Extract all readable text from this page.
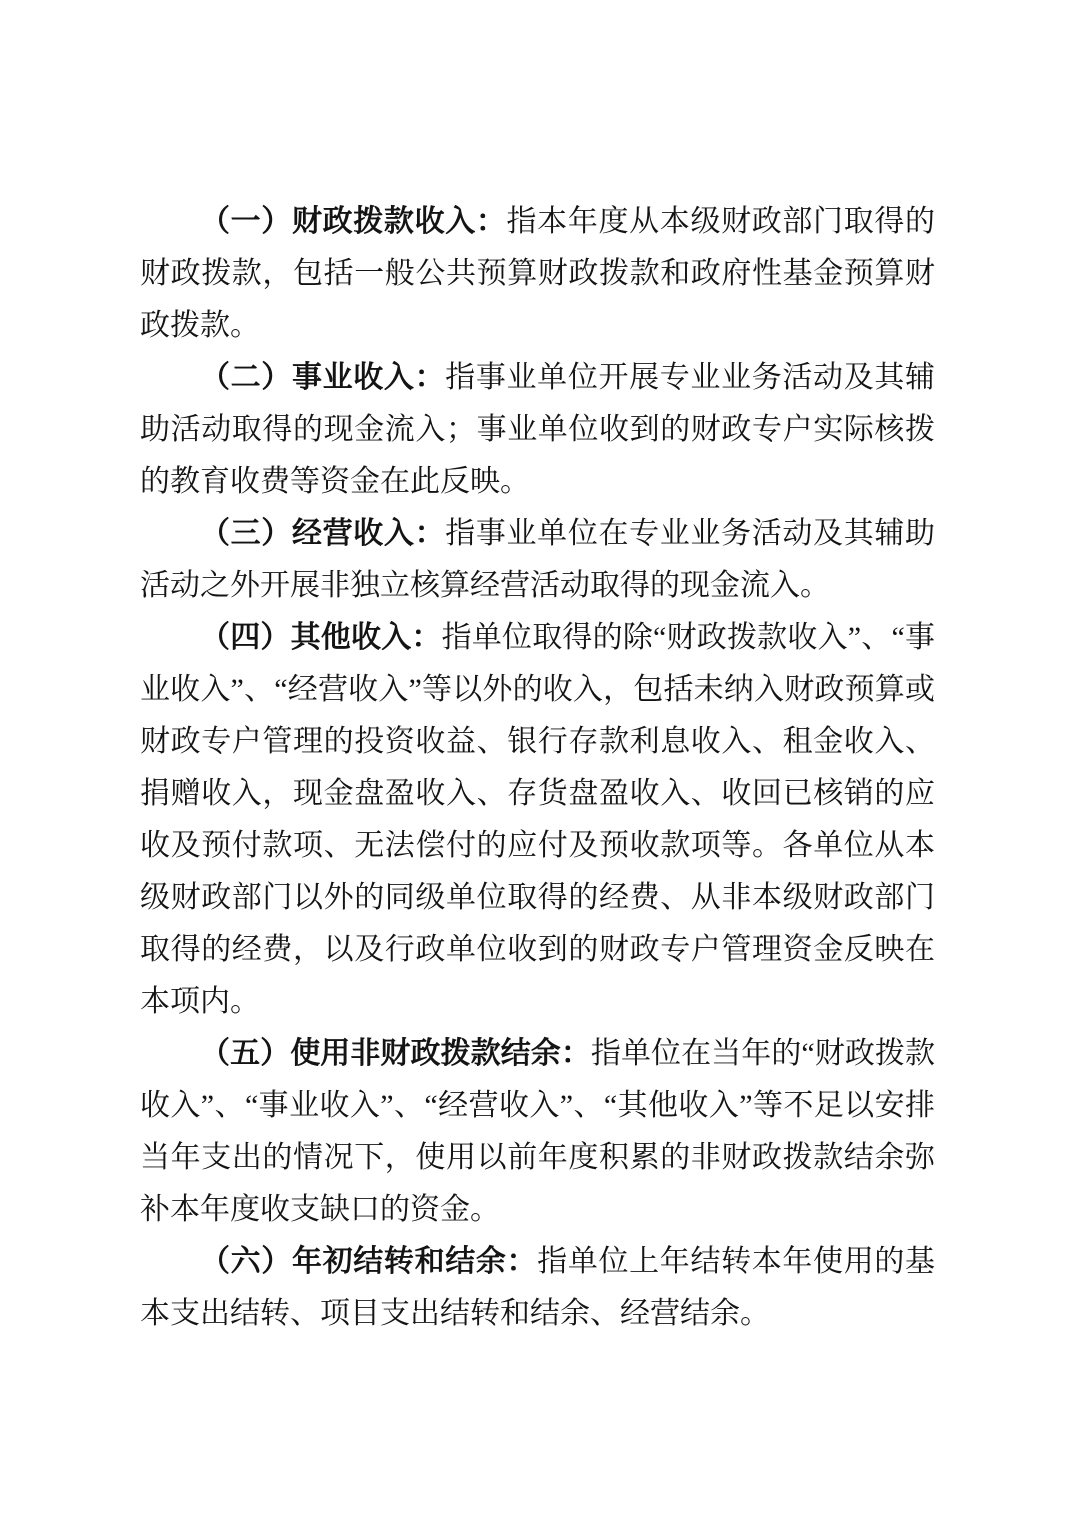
（一）财政拨款收入：指本年度从本级财政部门取得的财政拨款，包括一般公共预算财政拨款和政府性基金预算财政拨款。

（二）事业收入：指事业单位开展专业业务活动及其辅助活动取得的现金流入；事业单位收到的财政专户实际核拨的教育收费等资金在此反映。

（三）经营收入：指事业单位在专业业务活动及其辅助活动之外开展非独立核算经营活动取得的现金流入。

（四）其他收入：指单位取得的除“财政拨款收入”、“事业收入”、“经营收入”等以外的收入，包括未纳入财政预算或财政专户管理的投资收益、银行存款利息收入、租金收入、捐赠收入，现金盘盈收入、存货盘盈收入、收回已核销的应收及预付款项、无法偿付的应付及预收款项等。各单位从本级财政部门以外的同级单位取得的经费、从非本级财政部门取得的经费，以及行政单位收到的财政专户管理资金反映在本项内。

（五）使用非财政拨款结余：指单位在当年的“财政拨款收入”、“事业收入”、“经营收入”、“其他收入”等不足以安排当年支出的情况下，使用以前年度积累的非财政拨款结余弥补本年度收支缺口的资金。

（六）年初结转和结余：指单位上年结转本年使用的基本支出结转、项目支出结转和结余、经营结余。
